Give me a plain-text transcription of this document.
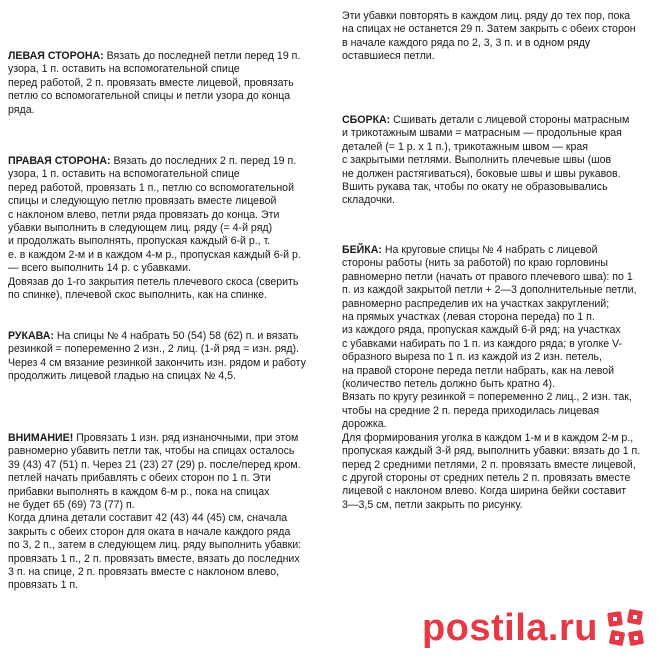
ЛЕВАЯ СТОРОНА: Вязать до последней петли перед 19 п.
узора, 1 п. оставить на вспомогательной спице
перед работой, 2 п. провязать вместе лицевой, провязать
петлю со вспомогательной спицы и петли узора до конца
ряда.
ПРАВАЯ СТОРОНА: Вязать до последних 2 п. перед 19 п.
узора, 1 п. оставить на вспомогательной спице
перед работой, провязать 1 п., петлю со вспомогательной
спицы и следующую петлю провязать вместе лицевой
с наклоном влево, петли ряда провязать до конца. Эти
убавки выполнить в следующем лиц. ряду (= 4-й ряд)
и продолжать выполнять, пропуская каждый 6-й р., т.
е. в каждом 2-м и в каждом 4-м р., пропуская каждый 6-й р.
— всего выполнить 14 р. с убавками.
Довязав до 1-го закрытия петель плечевого скоса (сверить
по спинке), плечевой скос выполнить, как на спинке.
РУКАВА: На спицы № 4 набрать 50 (54) 58 (62) п. и вязать
резинкой = попеременно 2 изн., 2 лиц. (1-й ряд = изн. ряд).
Через 4 см вязание резинкой закончить изн. рядом и работу
продолжить лицевой гладью на спицах № 4,5.
ВНИМАНИЕ! Провязать 1 изн. ряд изнаночными, при этом
равномерно убавить петли так, чтобы на спицах осталось
39 (43) 47 (51) п. Через 21 (23) 27 (29) р. после/перед кром.
петлей начать прибавлять с обеих сторон по 1 п. Эти
прибавки выполнять в каждом 6-м р., пока на спицах
не будет 65 (69) 73 (77) п.
Когда длина детали составит 42 (43) 44 (45) см, сначала
закрыть с обеих сторон для оката в начале каждого ряда
по 3, 2 п., затем в следующем лиц. ряду выполнить убавки:
провязать 1 п., 2 п. провязать вместе, вязать до последних
3 п. на спице, 2 п. провязать вместе с наклоном влево,
провязать 1 п.
Эти убавки повторять в каждом лиц. ряду до тех пор, пока
на спицах не останется 29 п. Затем закрыть с обеих сторон
в начале каждого ряда по 2, 3, 3 п. и в одном ряду
оставшиеся петли.
СБОРКА: Сшивать детали с лицевой стороны матрасным
и трикотажным швами = матрасным — продольные края
деталей (= 1 р. х 1 п.), трикотажным швом — края
с закрытыми петлями. Выполнить плечевые швы (шов
не должен растягиваться), боковые швы и швы рукавов.
Вшить рукава так, чтобы по окату не образовывались
складочки.
БЕЙКА: На круговые спицы № 4 набрать с лицевой
стороны работы (нить за работой) по краю горловины
равномерно петли (начать от правого плечевого шва): по 1
п. из каждой закрытой петли + 2—3 дополнительные петли,
равномерно распределив их на участках закруглений;
на прямых участках (левая сторона переда) по 1 п.
из каждого ряда, пропуская каждый 6-й ряд; на участках
с убавками набирать по 1 п. из каждого ряда; в уголке V-
образного выреза по 1 п. из каждой из 2 изн. петель,
на правой стороне переда петли набрать, как на левой
(количество петель должно быть кратно 4).
Вязать по кругу резинкой = попеременно 2 лиц., 2 изн. так,
чтобы на средние 2 п. переда приходилась лицевая
дорожка.
Для формирования уголка в каждом 1-м и в каждом 2-м р.,
пропуская каждый 3-й ряд, выполнить убавки: вязать до 1 п.
перед 2 средними петлями, 2 п. провязать вместе лицевой,
с другой стороны от средних петель 2 п. провязать вместе
лицевой с наклоном влево. Когда ширина бейки составит
3—3,5 см, петли закрыть по рисунку.
postila.ru
